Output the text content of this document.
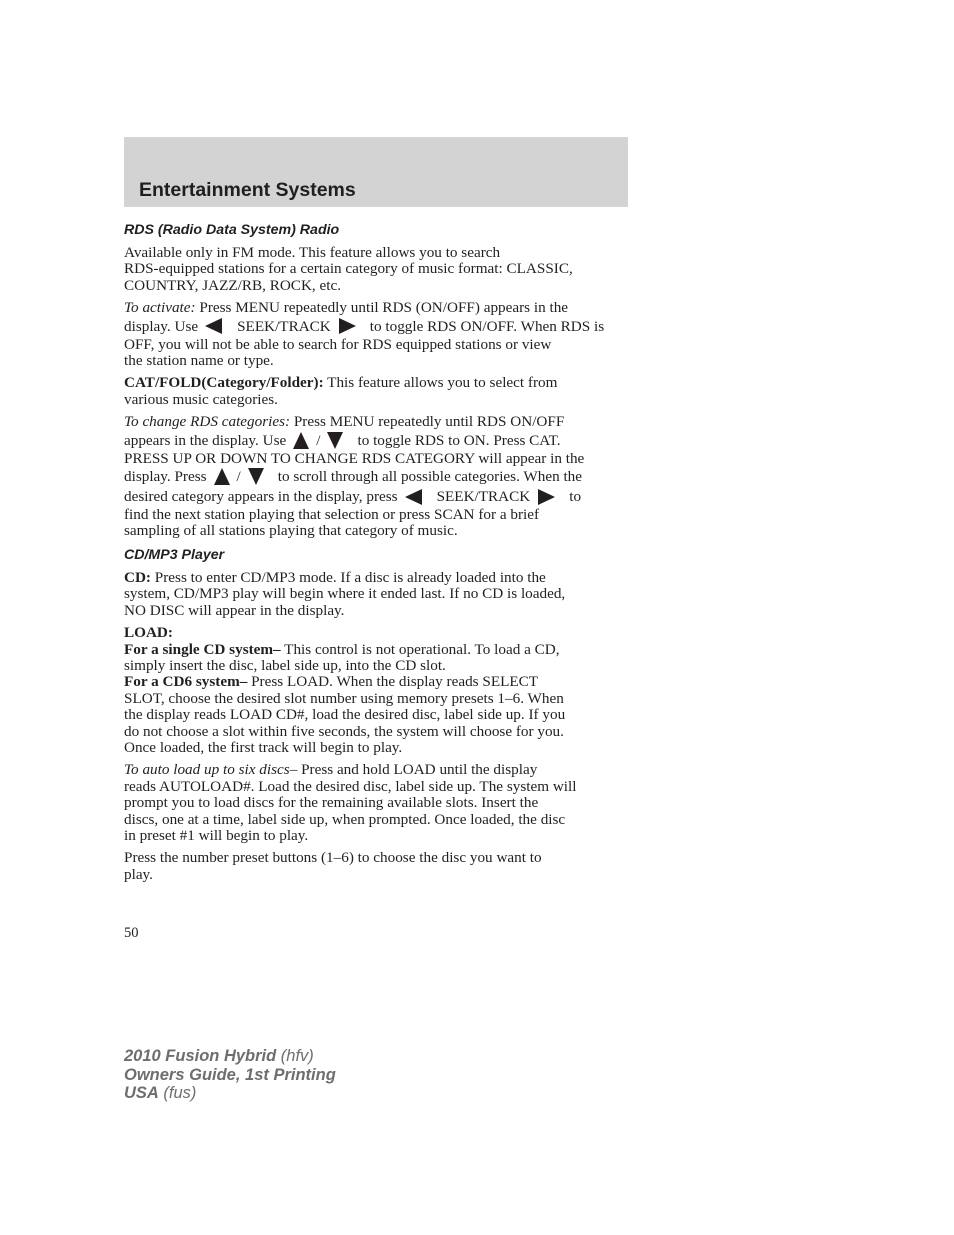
Entertainment Systems
RDS (Radio Data System) Radio

Available only in FM mode. This feature allows you to search
RDS-equipped stations for a certain category of music format: CLASSIC,
COUNTRY, JAZZ/RB, ROCK, etc.

To activate: Press MENU repeatedly until RDS (ON/OFF) appears in the
display. Use	SEEK/TRACK	to toggle RDS ON/OFF. When RDS is
OFF, you will not be able to search for RDS equipped stations or view
the station name or type.

CAT/FOLD(Category/Folder): This feature allows you to select from
various music categories.

To change RDS categories: Press MENU repeatedly until RDS ON/OFF
appears in the display. Use / to toggle RDS to ON. Press CAT.
PRESS UP OR DOWN TO CHANGE RDS CATEGORY will appear in the
display. Press / to scroll through all possible categories. When the
desired category appears in the display, press	SEEK/TRACK	to
find the next station playing that selection or press SCAN for a brief
sampling of all stations playing that category of music.

CD/MP3 Player

CD: Press to enter CD/MP3 mode. If a disc is already loaded into the
system, CD/MP3 play will begin where it ended last. If no CD is loaded,
NO DISC will appear in the display.

LOAD:

For a single CD system– This control is not operational. To load a CD,
simply insert the disc, label side up, into the CD slot.

For a CD6 system– Press LOAD. When the display reads SELECT
SLOT, choose the desired slot number using memory presets 1–6. When
the display reads LOAD CD#, load the desired disc, label side up. If you
do not choose a slot within five seconds, the system will choose for you.
Once loaded, the first track will begin to play.

To auto load up to six discs– Press and hold LOAD until the display
reads AUTOLOAD#. Load the desired disc, label side up. The system will
prompt you to load discs for the remaining available slots. Insert the
discs, one at a time, label side up, when prompted. Once loaded, the disc
in preset #1 will begin to play.

Press the number preset buttons (1–6) to choose the disc you want to
play.

50
2010 Fusion Hybrid (hfv)
Owners Guide, 1st Printing
USA (fus)
